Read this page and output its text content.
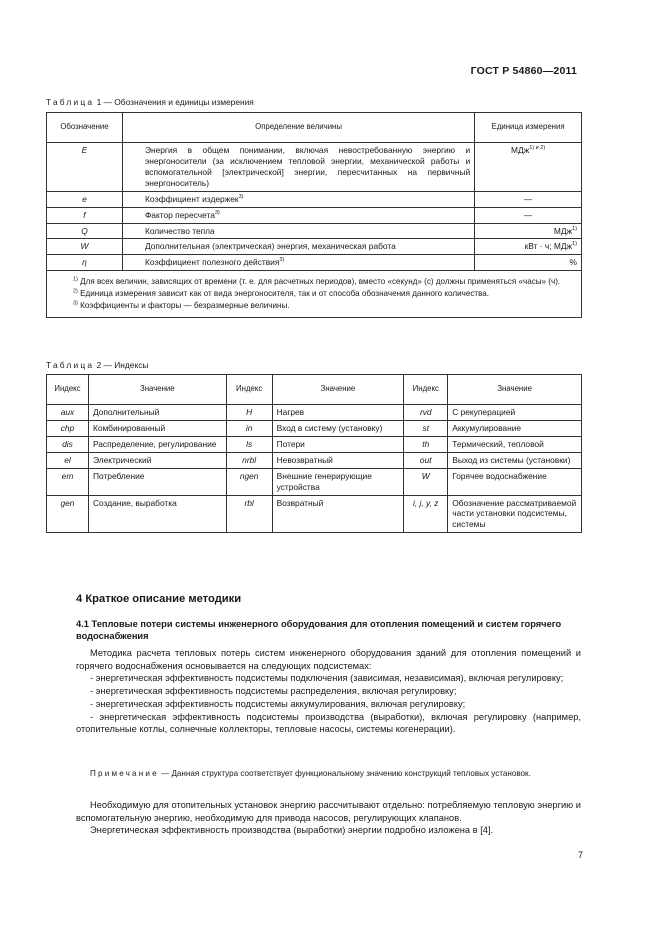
ГОСТ Р 54860—2011
Таблица 1 — Обозначения и единицы измерения
Обозначение	Определение величины	Единица измерения
E	Энергия в общем понимании, включая невостребованную энергию и энергоносители (за исключением тепловой энергии, механической работы и вспомогательной [электрической] энергии, пересчитанных на первичный энергоноситель)	МДж$^{1) и 2)}$
e	Коэффициент издержек$^{3)}$	—
f	Фактор пересчета$^{3)}$	—
Q	Количество тепла	МДж$^{1)}$
W	Дополнительная (электрическая) энергия, механическая работа	кВт · ч; МДж$^{1)}$
η	Коэффициент полезного действия$^{3)}$	%

$^{1)}$ Для всех величин, зависящих от времени (т. е. для расчетных периодов), вместо «секунд» (с) должны применяться «часы» (ч).
$^{2)}$ Единица измерения зависит как от вида энергоносителя, так и от способа обозначения данного количества.
$^{3)}$ Коэффициенты и факторы — безразмерные величины.		
Таблица 2 — Индексы
Индекс	Значение	Индекс	Значение	Индекс	Значение
aux	Дополнительный	H	Нагрев	rvd	С рекуперацией
chp	Комбинированный	in	Вход в систему (установку)	st	Аккумулирование
dis	Распределение, регулирование	ls	Потери	th	Термический, тепловой
el	Электрический	nrbl	Невозвратный	out	Выход из системы (установки)
em	Потребление	ngen	Внешние генерирующие устройства	W	Горячее водоснабжение
gen	Создание, выработка	rbl	Возвратный	i, j, y, z	Обозначение рассматриваемой части установки подсистемы, системы
4 Краткое описание методики
4.1 Тепловые потери системы инженерного оборудования для отопления помещений и систем горячего водоснабжения

Методика расчета тепловых потерь систем инженерного оборудования зданий для отопления помещений и горячего водоснабжения основывается на следующих подсистемах:

- энергетическая эффективность подсистемы подключения (зависимая, независимая), включая регулировку;

- энергетическая эффективность подсистемы распределения, включая регулировку;

- энергетическая эффективность подсистемы аккумулирования, включая регулировку;

- энергетическая эффективность подсистемы производства (выработки), включая регулировку (например, отопительные котлы, солнечные коллекторы, тепловые насосы, системы когенерации).

Примечание — Данная структура соответствует функциональному значению конструкций тепловых установок.

Необходимую для отопительных установок энергию рассчитывают отдельно: потребляемую тепловую энергию и вспомогательную энергию, необходимую для привода насосов, регулирующих клапанов.

Энергетическая эффективность производства (выработки) энергии подробно изложена в [4].

7
